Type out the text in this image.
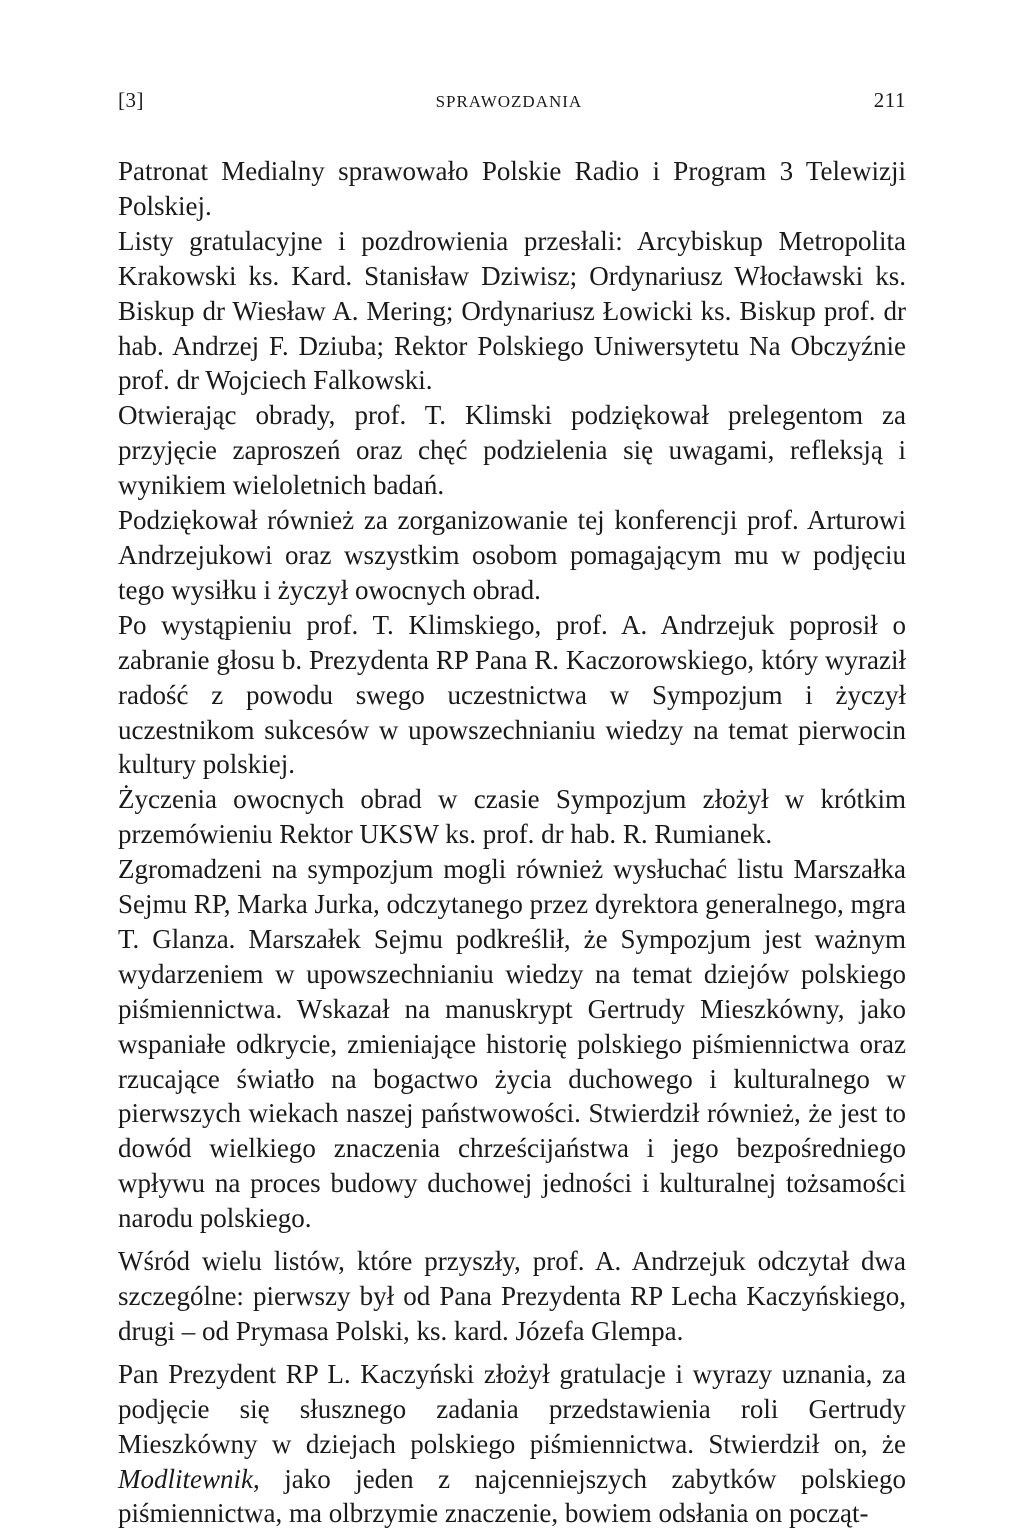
[3]	SPRAWOZDANIA	211

Patronat Medialny sprawowało Polskie Radio i Program 3 Telewizji Polskiej.

Listy gratulacyjne i pozdrowienia przesłali: Arcybiskup Metropolita Krakowski ks. Kard. Stanisław Dziwisz; Ordynariusz Włocławski ks. Biskup dr Wiesław A. Mering; Ordynariusz Łowicki ks. Biskup prof. dr hab. Andrzej F. Dziuba; Rektor Polskiego Uniwersytetu Na Obczyźnie prof. dr Wojciech Falkowski.

Otwierając obrady, prof. T. Klimski podziękował prelegentom za przyjęcie zaproszeń oraz chęć podzielenia się uwagami, refleksją i wynikiem wieloletnich badań.

Podziękował również za zorganizowanie tej konferencji prof. Arturowi Andrzejukowi oraz wszystkim osobom pomagającym mu w podjęciu tego wysiłku i życzył owocnych obrad.

Po wystąpieniu prof. T. Klimskiego, prof. A. Andrzejuk poprosił o zabranie głosu b. Prezydenta RP Pana R. Kaczorowskiego, który wyraził radość z powodu swego uczestnictwa w Sympozjum i życzył uczestnikom sukcesów w upowszechnianiu wiedzy na temat pierwocin kultury polskiej.

Życzenia owocnych obrad w czasie Sympozjum złożył w krótkim przemówieniu Rektor UKSW ks. prof. dr hab. R. Rumianek.

Zgromadzeni na sympozjum mogli również wysłuchać listu Marszałka Sejmu RP, Marka Jurka, odczytanego przez dyrektora generalnego, mgra T. Glanza. Marszałek Sejmu podkreślił, że Sympozjum jest ważnym wydarzeniem w upowszechnianiu wiedzy na temat dziejów polskiego piśmiennictwa. Wskazał na manuskrypt Gertrudy Mieszkówny, jako wspaniałe odkrycie, zmieniające historię polskiego piśmiennictwa oraz rzucające światło na bogactwo życia duchowego i kulturalnego w pierwszych wiekach naszej państwowości. Stwierdził również, że jest to dowód wielkiego znaczenia chrześcijaństwa i jego bezpośredniego wpływu na proces budowy duchowej jedności i kulturalnej tożsamości narodu polskiego.

Wśród wielu listów, które przyszły, prof. A. Andrzejuk odczytał dwa szczególne: pierwszy był od Pana Prezydenta RP Lecha Kaczyńskiego, drugi – od Prymasa Polski, ks. kard. Józefa Glempa.

Pan Prezydent RP L. Kaczyński złożył gratulacje i wyrazy uznania, za podjęcie się słusznego zadania przedstawienia roli Gertrudy Mieszkówny w dziejach polskiego piśmiennictwa. Stwierdził on, że Modlitewnik, jako jeden z najcenniejszych zabytków polskiego piśmiennictwa, ma olbrzymie znaczenie, bowiem odsłania on począt-
